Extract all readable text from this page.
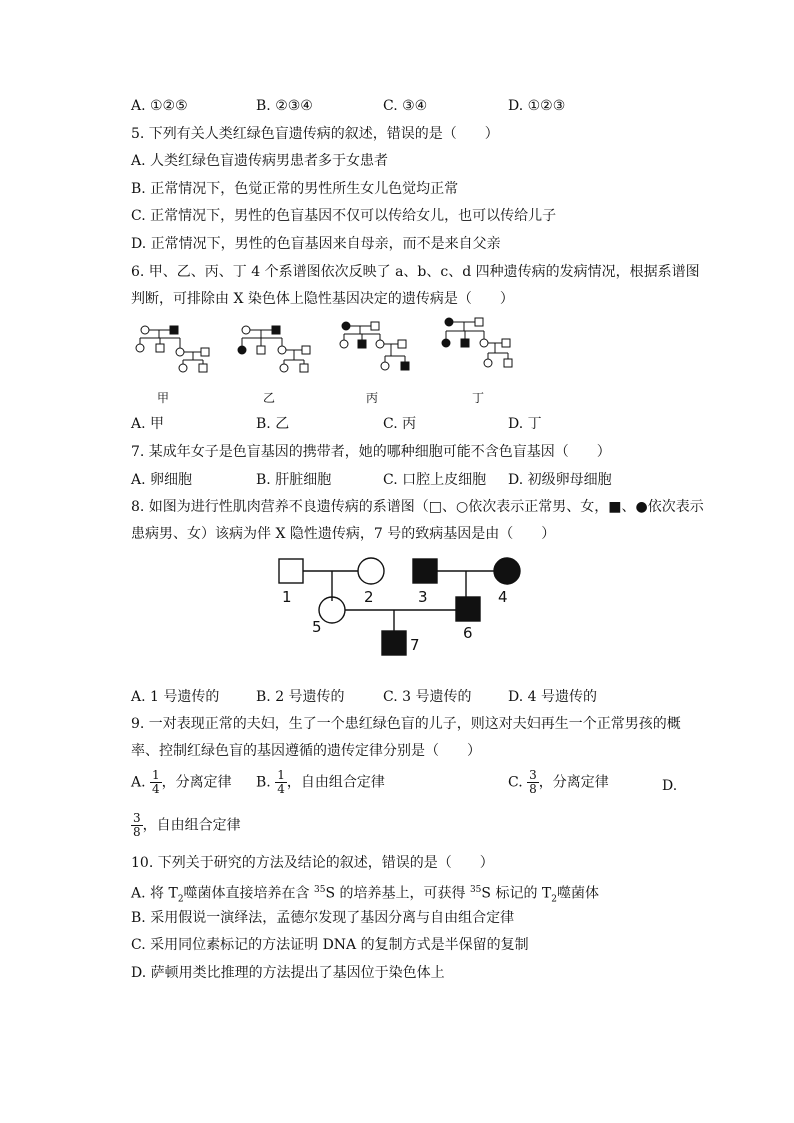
A. ①②⑤	B. ②③④	C. ③④	D. ①②③
5. 下列有关人类红绿色盲遗传病的叙述，错误的是（　　）
A. 人类红绿色盲遗传病男患者多于女患者
B. 正常情况下，色觉正常的男性所生女儿色觉均正常
C. 正常情况下，男性的色盲基因不仅可以传给女儿，也可以传给儿子
D. 正常情况下，男性的色盲基因来自母亲，而不是来自父亲
6. 甲、乙、丙、丁 4 个系谱图依次反映了 a、b、c、d 四种遗传病的发病情况，根据系谱图
判断，可排除由 X 染色体上隐性基因决定的遗传病是（　　）
甲	乙	丙	丁
A. 甲	B. 乙	C. 丙	D. 丁
7. 某成年女子是色盲基因的携带者，她的哪种细胞可能不含色盲基因（　　）
A. 卵细胞	B. 肝脏细胞	C. 口腔上皮细胞 D. 初级卵母细胞
8. 如图为进行性肌肉营养不良遗传病的系谱图（□、○依次表示正常男、女，■、●依次表示
患病男、女）该病为伴 X 隐性遗传病，7 号的致病基因是由（　　）
1	2	3	4
5	6
7
A. 1 号遗传的	B. 2 号遗传的	C. 3 号遗传的	D. 4 号遗传的
9. 一对表现正常的夫妇，生了一个患红绿色盲的儿子，则这对夫妇再生一个正常男孩的概
率、控制红绿色盲的基因遵循的遗传定律分别是（　　）
A. $\frac{1}{4}$ ，分离定律 B. $\frac{1}{4}$ ，自由组合定律	C. $\frac{3}{8}$ ，分离定律	D.
$\frac{3}{8}$ ，自由组合定律
10. 下列关于研究的方法及结论的叙述，错误的是（　　）
A. 将 $T_2$噬菌体直接培养在含 $^{35}$S 的培养基上，可获得 $^{35}$S 标记的 $T_2$噬菌体
B. 采用假说一演绎法，孟德尔发现了基因分离与自由组合定律
C. 采用同位素标记的方法证明 DNA 的复制方式是半保留的复制
D. 萨顿用类比推理的方法提出了基因位于染色体上
